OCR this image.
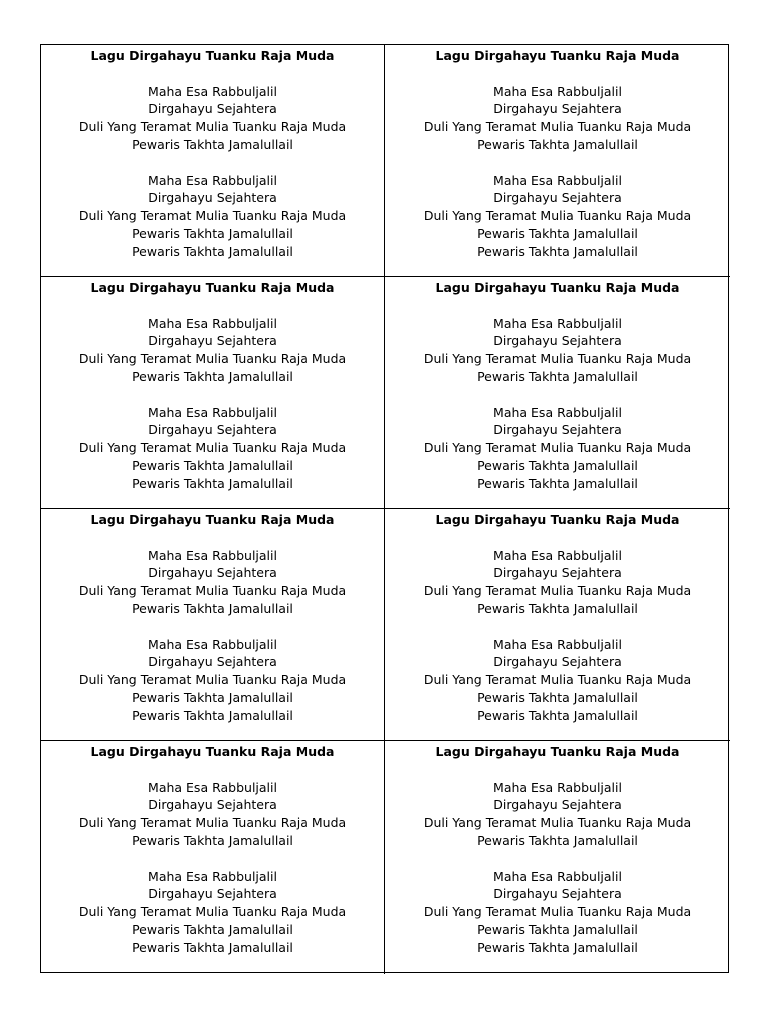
Lagu Dirgahayu Tuanku Raja Muda
Maha Esa Rabbuljalil
Dirgahayu Sejahtera
Duli Yang Teramat Mulia Tuanku Raja Muda
Pewaris Takhta Jamalullail
Maha Esa Rabbuljalil
Dirgahayu Sejahtera
Duli Yang Teramat Mulia Tuanku Raja Muda
Pewaris Takhta Jamalullail
Pewaris Takhta Jamalullail
Lagu Dirgahayu Tuanku Raja Muda
Maha Esa Rabbuljalil
Dirgahayu Sejahtera
Duli Yang Teramat Mulia Tuanku Raja Muda
Pewaris Takhta Jamalullail
Maha Esa Rabbuljalil
Dirgahayu Sejahtera
Duli Yang Teramat Mulia Tuanku Raja Muda
Pewaris Takhta Jamalullail
Pewaris Takhta Jamalullail
Lagu Dirgahayu Tuanku Raja Muda
Maha Esa Rabbuljalil
Dirgahayu Sejahtera
Duli Yang Teramat Mulia Tuanku Raja Muda
Pewaris Takhta Jamalullail
Maha Esa Rabbuljalil
Dirgahayu Sejahtera
Duli Yang Teramat Mulia Tuanku Raja Muda
Pewaris Takhta Jamalullail
Pewaris Takhta Jamalullail
Lagu Dirgahayu Tuanku Raja Muda
Maha Esa Rabbuljalil
Dirgahayu Sejahtera
Duli Yang Teramat Mulia Tuanku Raja Muda
Pewaris Takhta Jamalullail
Maha Esa Rabbuljalil
Dirgahayu Sejahtera
Duli Yang Teramat Mulia Tuanku Raja Muda
Pewaris Takhta Jamalullail
Pewaris Takhta Jamalullail
Lagu Dirgahayu Tuanku Raja Muda
Maha Esa Rabbuljalil
Dirgahayu Sejahtera
Duli Yang Teramat Mulia Tuanku Raja Muda
Pewaris Takhta Jamalullail
Maha Esa Rabbuljalil
Dirgahayu Sejahtera
Duli Yang Teramat Mulia Tuanku Raja Muda
Pewaris Takhta Jamalullail
Pewaris Takhta Jamalullail
Lagu Dirgahayu Tuanku Raja Muda
Maha Esa Rabbuljalil
Dirgahayu Sejahtera
Duli Yang Teramat Mulia Tuanku Raja Muda
Pewaris Takhta Jamalullail
Maha Esa Rabbuljalil
Dirgahayu Sejahtera
Duli Yang Teramat Mulia Tuanku Raja Muda
Pewaris Takhta Jamalullail
Pewaris Takhta Jamalullail
Lagu Dirgahayu Tuanku Raja Muda
Maha Esa Rabbuljalil
Dirgahayu Sejahtera
Duli Yang Teramat Mulia Tuanku Raja Muda
Pewaris Takhta Jamalullail
Maha Esa Rabbuljalil
Dirgahayu Sejahtera
Duli Yang Teramat Mulia Tuanku Raja Muda
Pewaris Takhta Jamalullail
Pewaris Takhta Jamalullail
Lagu Dirgahayu Tuanku Raja Muda
Maha Esa Rabbuljalil
Dirgahayu Sejahtera
Duli Yang Teramat Mulia Tuanku Raja Muda
Pewaris Takhta Jamalullail
Maha Esa Rabbuljalil
Dirgahayu Sejahtera
Duli Yang Teramat Mulia Tuanku Raja Muda
Pewaris Takhta Jamalullail
Pewaris Takhta Jamalullail
